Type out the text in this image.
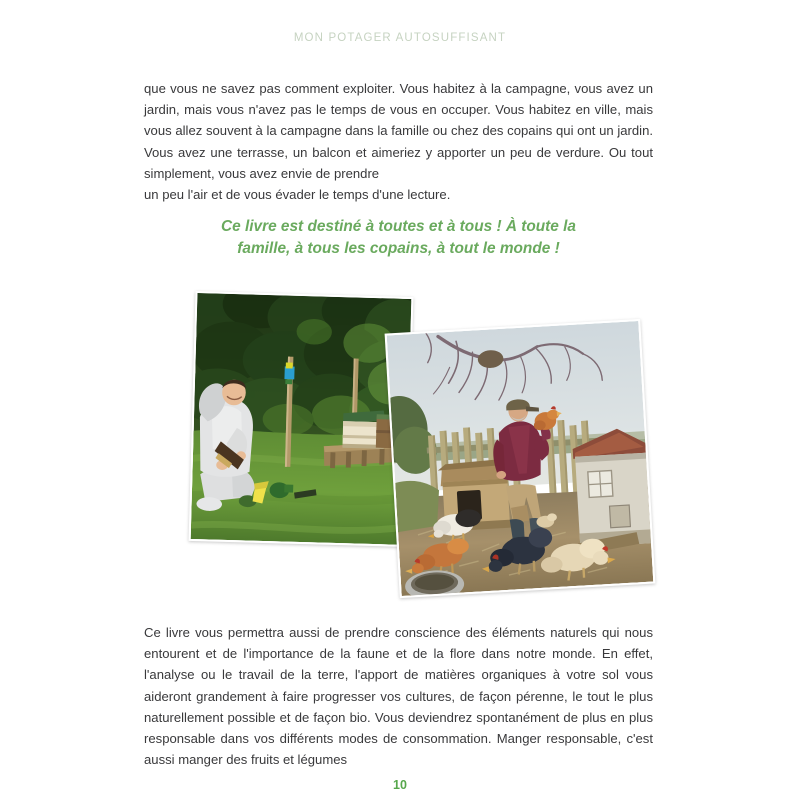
MON POTAGER AUTOSUFFISANT

que vous ne savez pas comment exploiter. Vous habitez à la campagne, vous avez un jardin, mais vous n'avez pas le temps de vous en occuper. Vous habitez en ville, mais vous allez souvent à la campagne dans la famille ou chez des copains qui ont un jardin. Vous avez une terrasse, un balcon et aimeriez y apporter un peu de verdure. Ou tout simplement, vous avez envie de prendre

un peu l'air et de vous évader le temps d'une lecture.

Ce livre est destiné à toutes et à tous ! À toute la
famille, à tous les copains, à tout le monde !

Ce livre vous permettra aussi de prendre conscience des éléments naturels qui nous entourent et de l'importance de la faune et de la flore dans notre monde. En effet, l'analyse ou le travail de la terre, l'apport de matières organiques à votre sol vous aideront grandement à faire progresser vos cultures, de façon pérenne, le tout le plus naturellement possible et de façon bio. Vous deviendrez spontanément de plus en plus responsable dans vos différents modes de consommation. Manger responsable, c'est aussi manger des fruits et légumes

10
